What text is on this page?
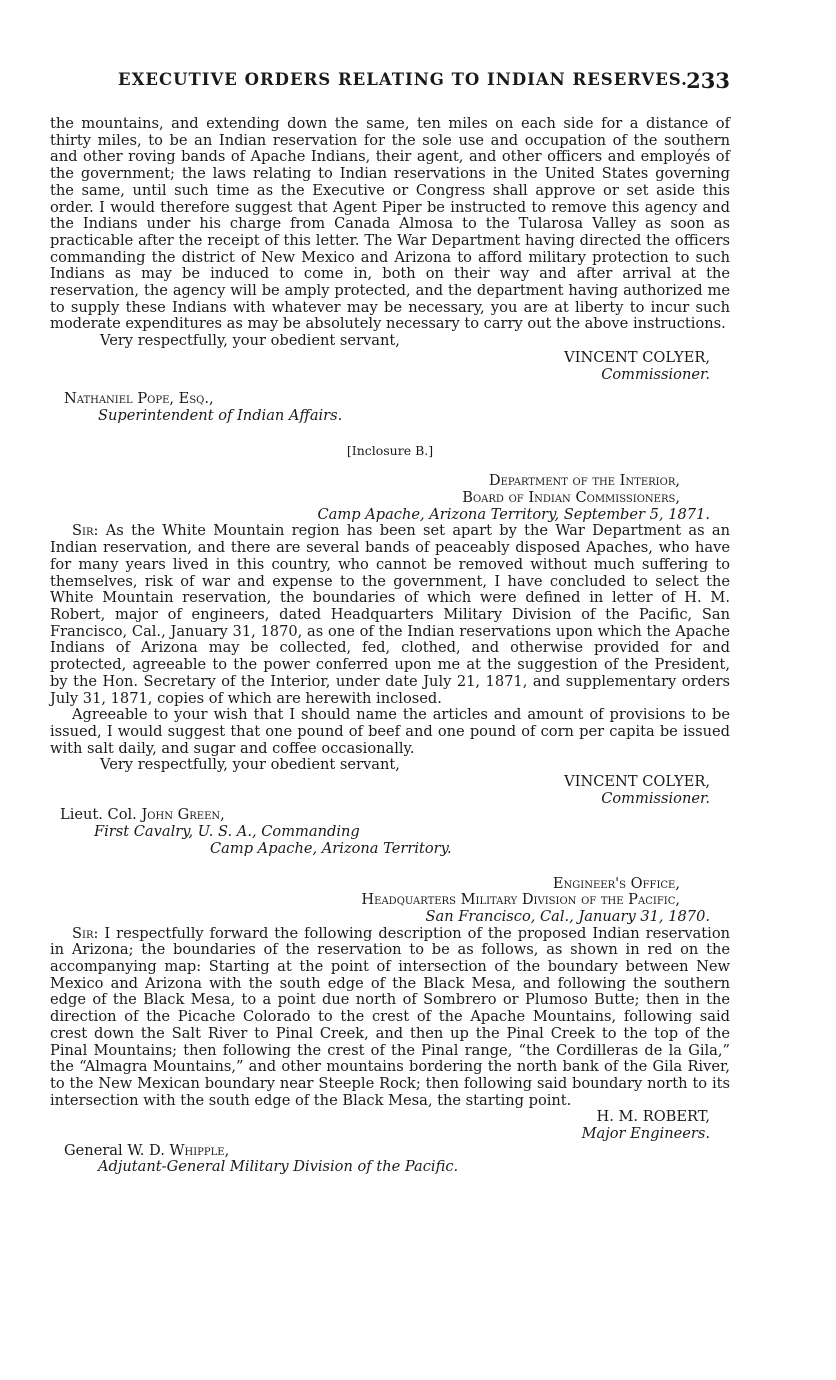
EXECUTIVE ORDERS RELATING TO INDIAN RESERVES.
233

the mountains, and extending down the same, ten miles on each side for a distance of thirty miles, to be an Indian reservation for the sole use and occupation of the southern and other roving bands of Apache Indians, their agent, and other officers and employés of the government; the laws relating to Indian reservations in the United States governing the same, until such time as the Executive or Congress shall approve or set aside this order. I would therefore suggest that Agent Piper be instructed to remove this agency and the Indians under his charge from Canada Almosa to the Tularosa Valley as soon as practicable after the receipt of this letter. The War Department having directed the officers commanding the district of New Mexico and Arizona to afford military protection to such Indians as may be induced to come in, both on their way and after arrival at the reservation, the agency will be amply protected, and the department having authorized me to supply these Indians with whatever may be necessary, you are at liberty to incur such moderate expenditures as may be absolutely necessary to carry out the above instructions.

Very respectfully, your obedient servant,

VINCENT COLYER,
Commissioner.

Nathaniel Pope, Esq.,
Superintendent of Indian Affairs.

[Inclosure B.]

Department of the Interior,
Board of Indian Commissioners,
Camp Apache, Arizona Territory, September 5, 1871.

Sir: As the White Mountain region has been set apart by the War Department as an Indian reservation, and there are several bands of peaceably disposed Apaches, who have for many years lived in this country, who cannot be removed without much suffering to themselves, risk of war and expense to the government, I have concluded to select the White Mountain reservation, the boundaries of which were defined in letter of H. M. Robert, major of engineers, dated Headquarters Military Division of the Pacific, San Francisco, Cal., January 31, 1870, as one of the Indian reservations upon which the Apache Indians of Arizona may be collected, fed, clothed, and otherwise provided for and protected, agreeable to the power conferred upon me at the suggestion of the President, by the Hon. Secretary of the Interior, under date July 21, 1871, and supplementary orders July 31, 1871, copies of which are herewith inclosed.

Agreeable to your wish that I should name the articles and amount of provisions to be issued, I would suggest that one pound of beef and one pound of corn per capita be issued with salt daily, and sugar and coffee occasionally.

Very respectfully, your obedient servant,

VINCENT COLYER,
Commissioner.

Lieut. Col. John Green,
First Cavalry, U. S. A., Commanding
Camp Apache, Arizona Territory.

Engineer's Office,
Headquarters Military Division of the Pacific,
San Francisco, Cal., January 31, 1870.

Sir: I respectfully forward the following description of the proposed Indian reservation in Arizona; the boundaries of the reservation to be as follows, as shown in red on the accompanying map: Starting at the point of intersection of the boundary between New Mexico and Arizona with the south edge of the Black Mesa, and following the southern edge of the Black Mesa, to a point due north of Sombrero or Plumoso Butte; then in the direction of the Picache Colorado to the crest of the Apache Mountains, following said crest down the Salt River to Pinal Creek, and then up the Pinal Creek to the top of the Pinal Mountains; then following the crest of the Pinal range, “the Cordilleras de la Gila,” the “Almagra Mountains,” and other mountains bordering the north bank of the Gila River, to the New Mexican boundary near Steeple Rock; then following said boundary north to its intersection with the south edge of the Black Mesa, the starting point.

H. M. ROBERT,
Major Engineers.

General W. D. Whipple,
Adjutant-General Military Division of the Pacific.
